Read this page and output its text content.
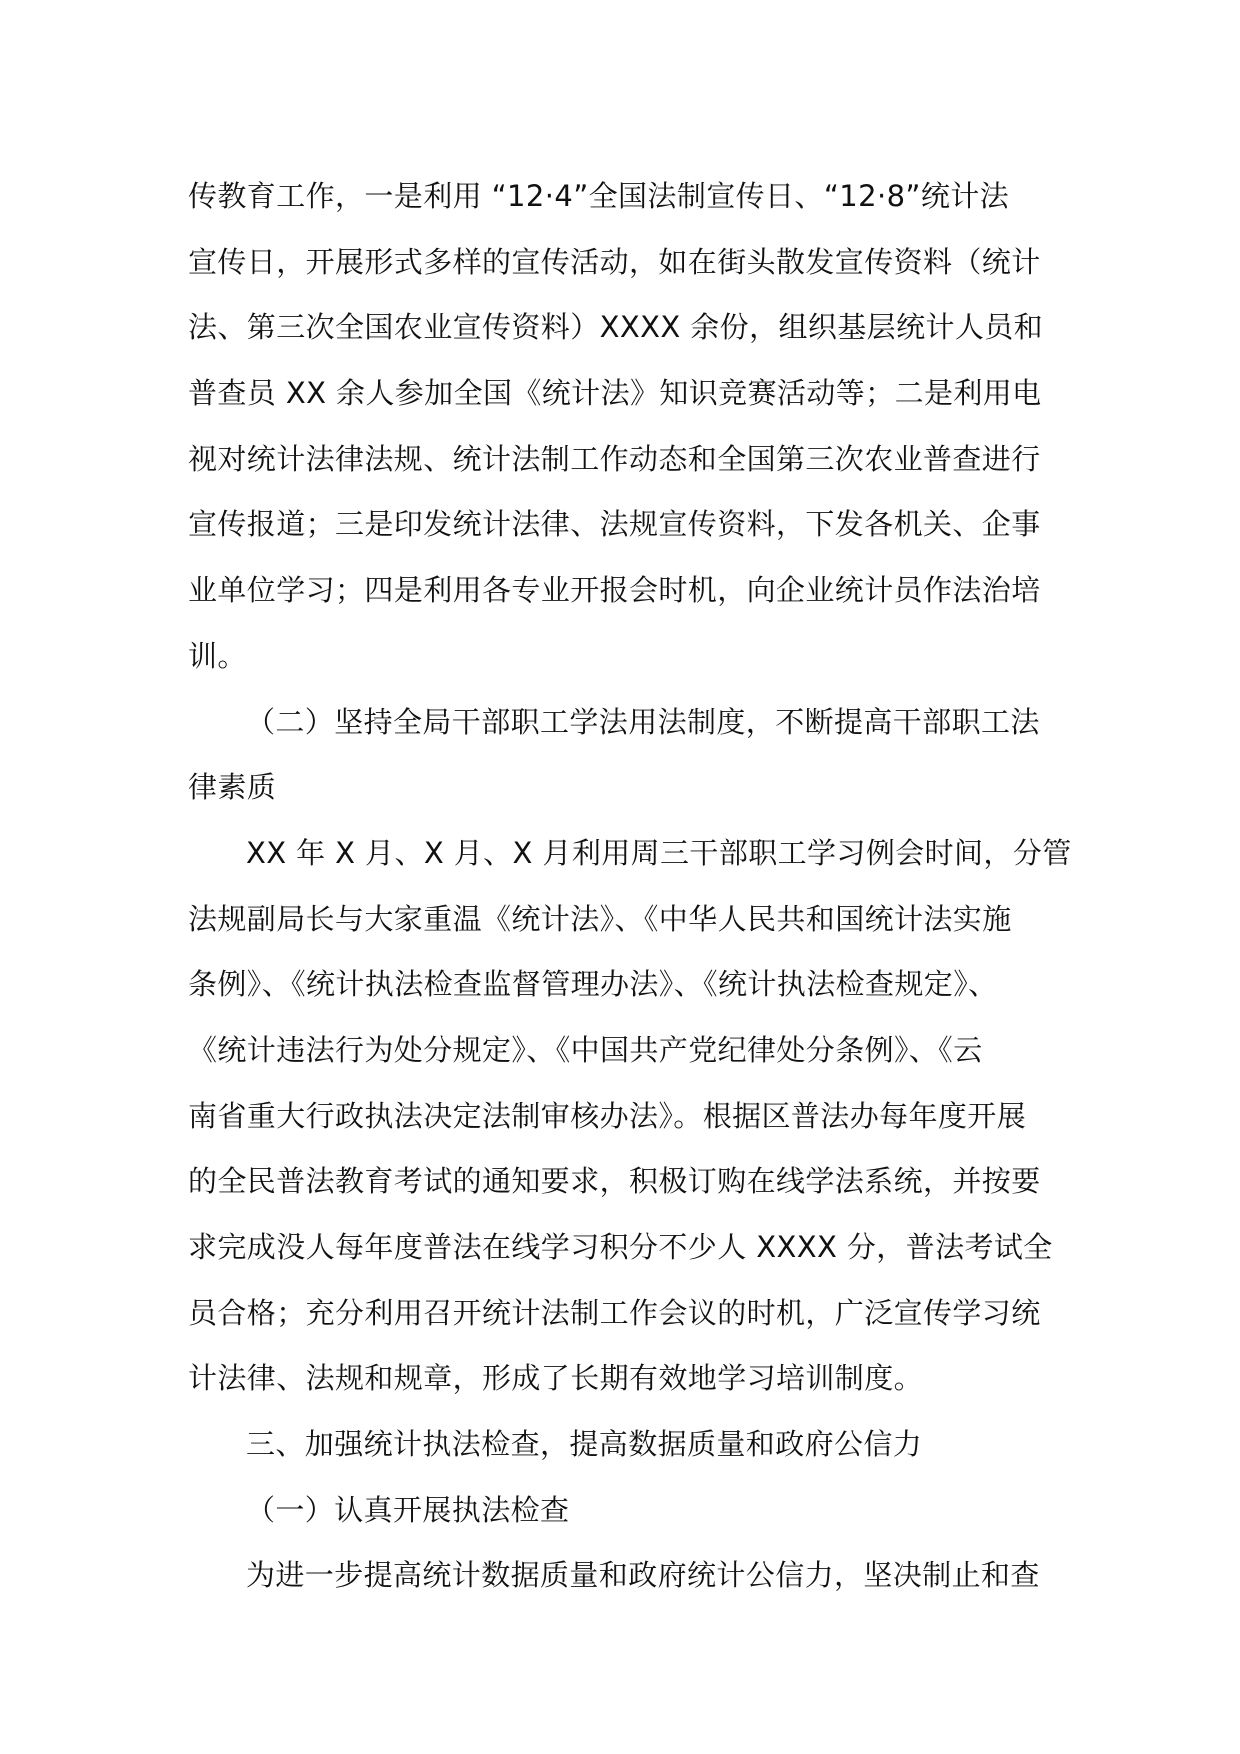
传教育工作，一是利用 “12·4”全国法制宣传日、“12·8”统计法
宣传日，开展形式多样的宣传活动，如在街头散发宣传资料（统计
法、第三次全国农业宣传资料）XXXX 余份，组织基层统计人员和
普查员 XX 余人参加全国《统计法》知识竞赛活动等；二是利用电
视对统计法律法规、统计法制工作动态和全国第三次农业普查进行
宣传报道；三是印发统计法律、法规宣传资料，下发各机关、企事
业单位学习；四是利用各专业开报会时机，向企业统计员作法治培
训。
（二）坚持全局干部职工学法用法制度，不断提高干部职工法
律素质
XX 年 X 月、X 月、X 月利用周三干部职工学习例会时间，分管
法规副局长与大家重温《统计法》、《中华人民共和国统计法实施
条例》、《统计执法检查监督管理办法》、《统计执法检查规定》、
《统计违法行为处分规定》、《中国共产党纪律处分条例》、《云
南省重大行政执法决定法制审核办法》。根据区普法办每年度开展
的全民普法教育考试的通知要求，积极订购在线学法系统，并按要
求完成没人每年度普法在线学习积分不少人 XXXX 分，普法考试全
员合格；充分利用召开统计法制工作会议的时机，广泛宣传学习统
计法律、法规和规章，形成了长期有效地学习培训制度。
三、加强统计执法检查，提高数据质量和政府公信力
（一）认真开展执法检查
为进一步提高统计数据质量和政府统计公信力，坚决制止和查
